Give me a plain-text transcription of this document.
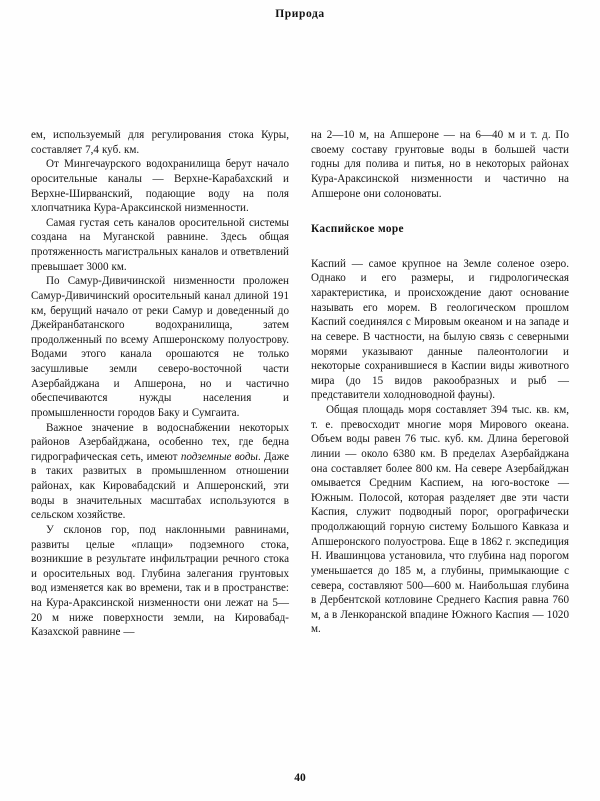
Природа

ем, используемый для регулирования стока Куры, составляет 7,4 куб. км.

От Мингечаурского водохранилища берут начало оросительные каналы — Верхне-Карабахский и Верхне-Ширванский, подающие воду на поля хлопчатника Кура-Араксинской низменности.

Самая густая сеть каналов оросительной системы создана на Муганской равнине. Здесь общая протяженность магистральных каналов и ответвлений превышает 3000 км.

По Самур-Дивичинской низменности проложен Самур-Дивичинский оросительный канал длиной 191 км, берущий начало от реки Самур и доведенный до Джейранбатанского водохранилища, затем продолженный по всему Апшеронскому полуострову. Водами этого канала орошаются не только засушливые земли северо-восточной части Азербайджана и Апшерона, но и частично обеспечиваются нужды населения и промышленности городов Баку и Сумгаита.

Важное значение в водоснабжении некоторых районов Азербайджана, особенно тех, где бедна гидрографическая сеть, имеют подземные воды. Даже в таких развитых в промышленном отношении районах, как Кировабадский и Апшеронский, эти воды в значительных масштабах используются в сельском хозяйстве.

У склонов гор, под наклонными равнинами, развиты целые «плащи» подземного стока, возникшие в результате инфильтрации речного стока и оросительных вод. Глубина залегания грунтовых вод изменяется как во времени, так и в пространстве: на Кура-Араксинской низменности они лежат на 5—20 м ниже поверхности земли, на Кировабад-Казахской равнине —

на 2—10 м, на Апшероне — на 6—40 м и т. д. По своему составу грунтовые воды в большей части годны для полива и питья, но в некоторых районах Кура-Араксинской низменности и частично на Апшероне они солоноваты.

Каспийское море

Каспий — самое крупное на Земле соленое озеро. Однако и его размеры, и гидрологическая характеристика, и происхождение дают основание называть его морем. В геологическом прошлом Каспий соединялся с Мировым океаном и на западе и на севере. В частности, на былую связь с северными морями указывают данные палеонтологии и некоторые сохранившиеся в Каспии виды животного мира (до 15 видов ракообразных и рыб — представители холодноводной фауны).

Общая площадь моря составляет 394 тыс. кв. км, т. е. превосходит многие моря Мирового океана. Объем воды равен 76 тыс. куб. км. Длина береговой линии — около 6380 км. В пределах Азербайджана она составляет более 800 км. На севере Азербайджан омывается Средним Каспием, на юго-востоке — Южным. Полосой, которая разделяет две эти части Каспия, служит подводный порог, орографически продолжающий горную систему Большого Кавказа и Апшеронского полуострова. Еще в 1862 г. экспедиция Н. Ивашинцова установила, что глубина над порогом уменьшается до 185 м, а глубины, примыкающие с севера, составляют 500—600 м. Наибольшая глубина в Дербентской котловине Среднего Каспия равна 760 м, а в Ленкоранской впадине Южного Каспия — 1020 м.

40
